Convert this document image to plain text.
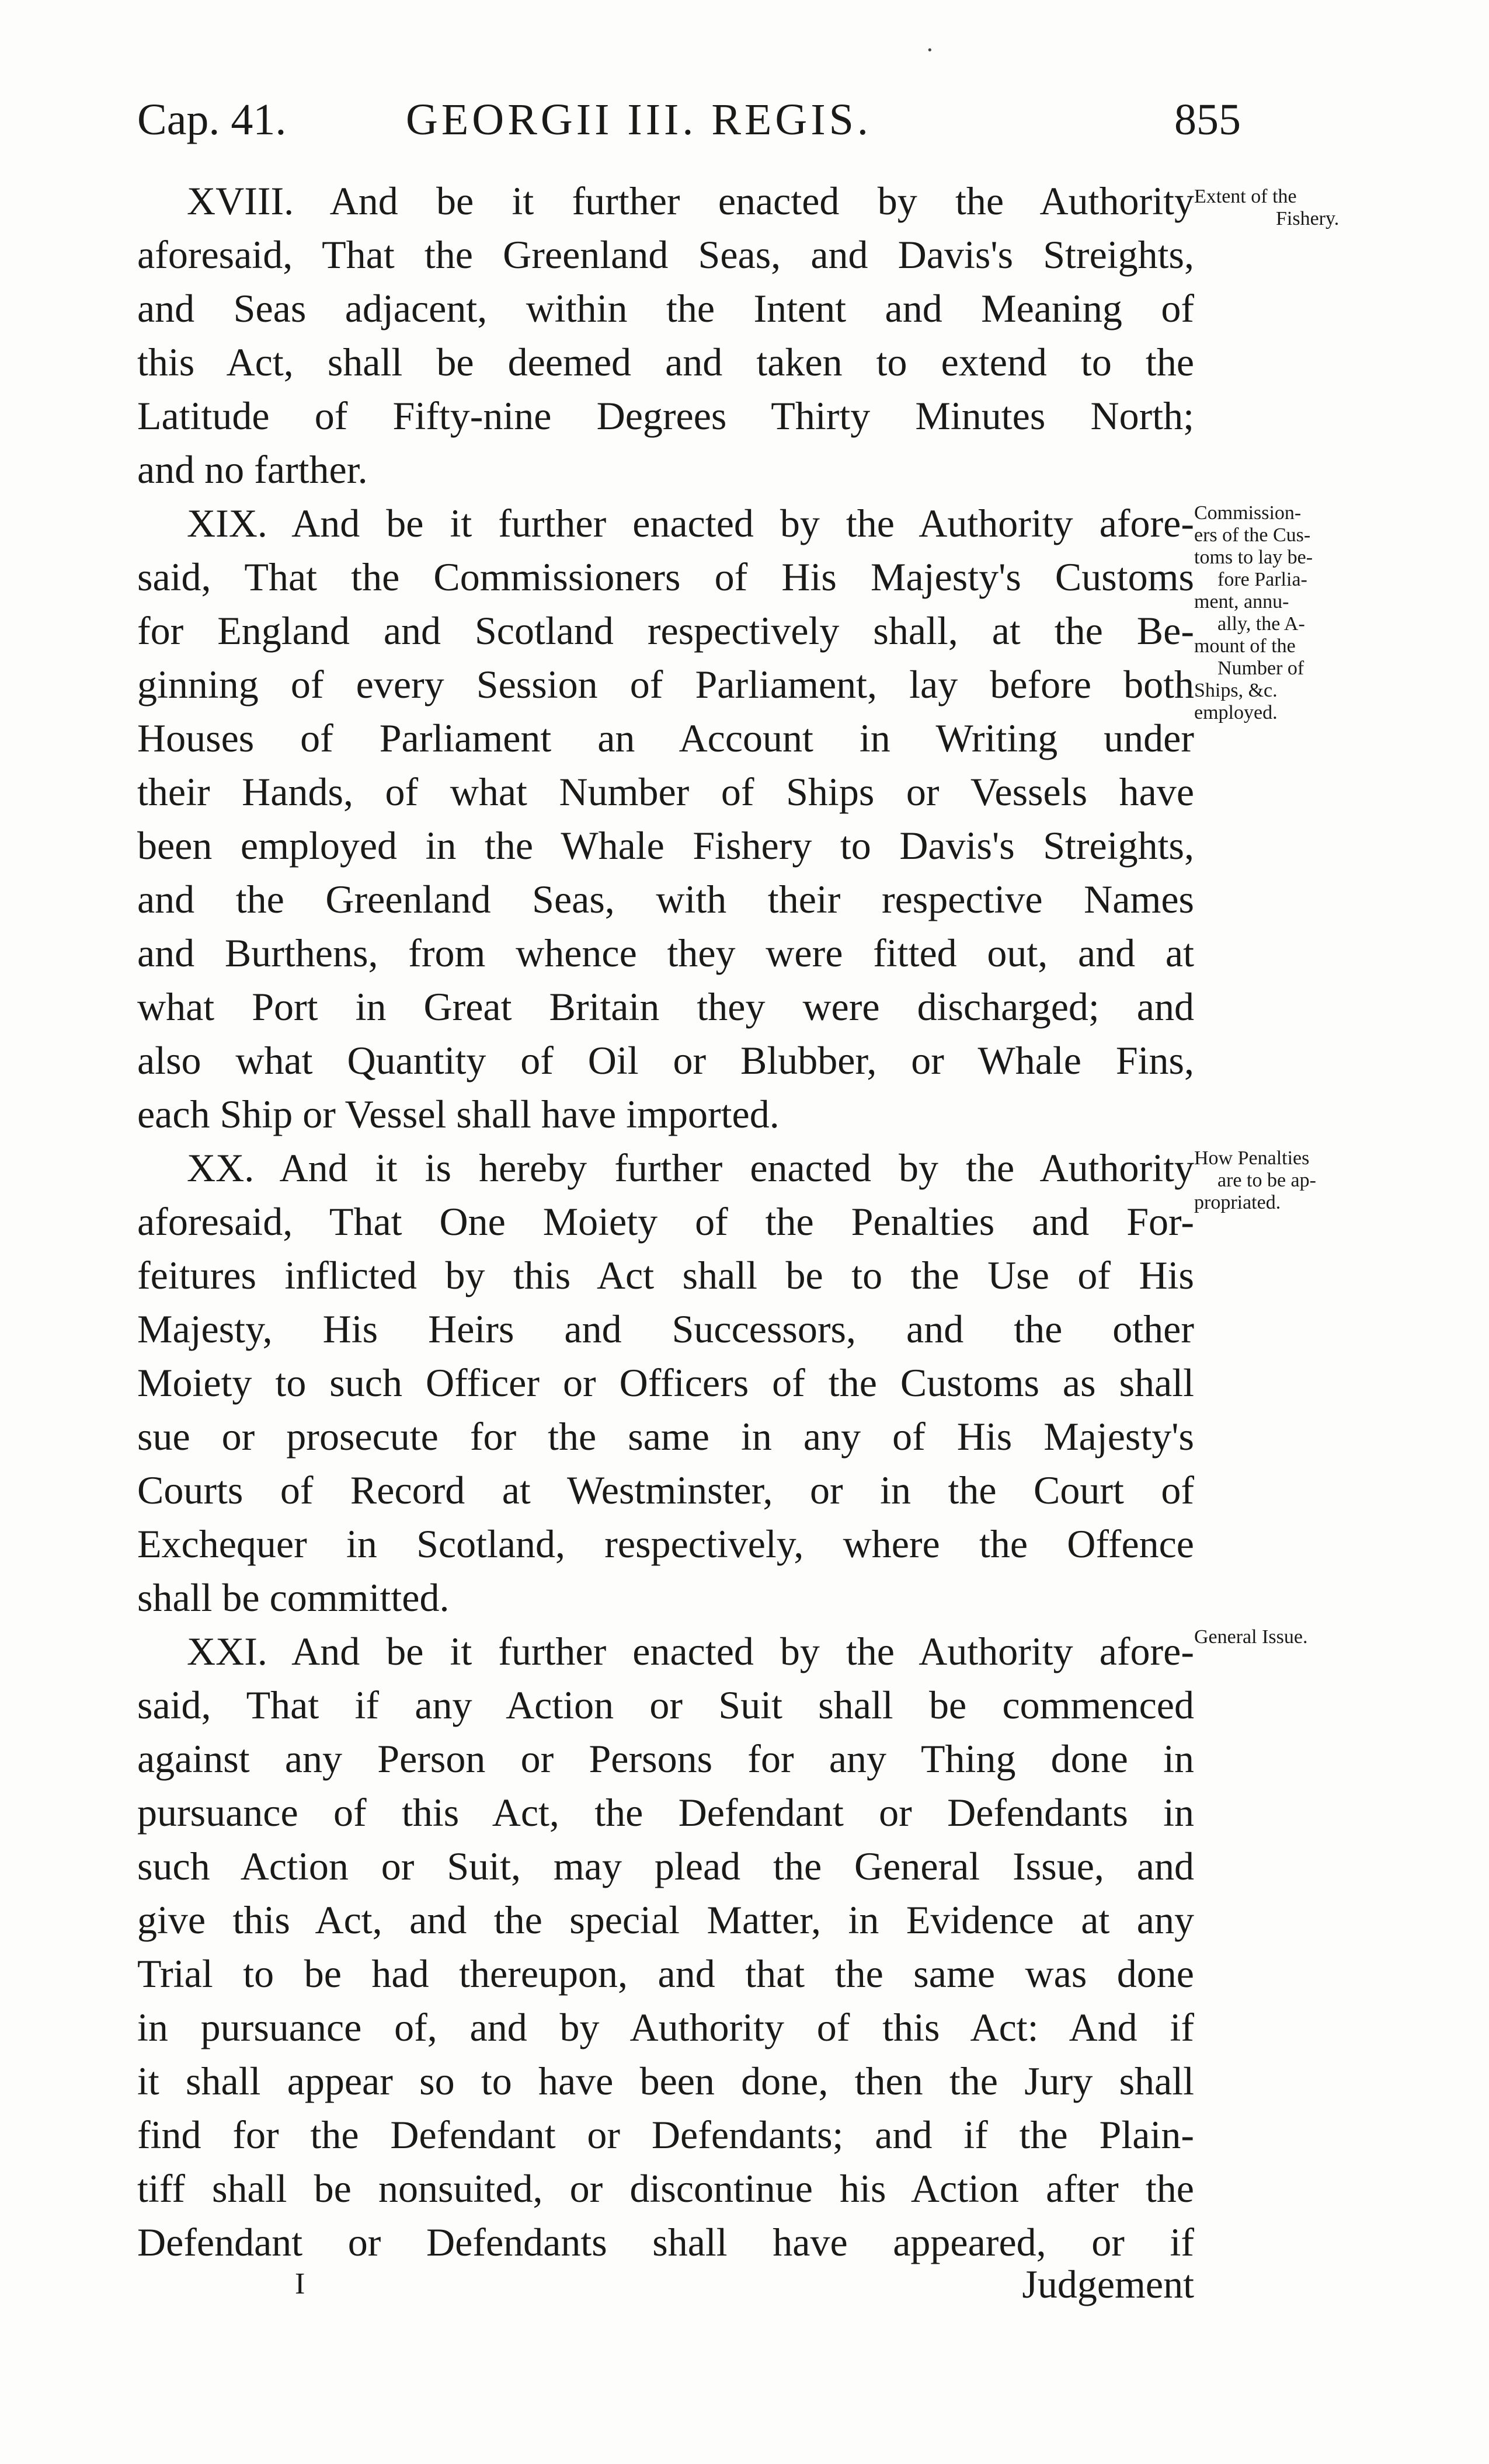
·
Cap. 41.	GEORGII III. REGIS.	855
XVIII. And be it further enacted by the Authority
aforesaid, That the Greenland Seas, and Davis's Streights,
and Seas adjacent, within the Intent and Meaning of
this Act, shall be deemed and taken to extend to the
Latitude of Fifty-nine Degrees Thirty Minutes North;
and no farther.
XIX. And be it further enacted by the Authority afore-
said, That the Commissioners of His Majesty's Customs
for England and Scotland respectively shall, at the Be-
ginning of every Session of Parliament, lay before both
Houses of Parliament an Account in Writing under
their Hands, of what Number of Ships or Vessels have
been employed in the Whale Fishery to Davis's Streights,
and the Greenland Seas, with their respective Names
and Burthens, from whence they were fitted out, and at
what Port in Great Britain they were discharged; and
also what Quantity of Oil or Blubber, or Whale Fins,
each Ship or Vessel shall have imported.
XX. And it is hereby further enacted by the Authority
aforesaid, That One Moiety of the Penalties and For-
feitures inflicted by this Act shall be to the Use of His
Majesty, His Heirs and Successors, and the other
Moiety to such Officer or Officers of the Customs as shall
sue or prosecute for the same in any of His Majesty's
Courts of Record at Westminster, or in the Court of
Exchequer in Scotland, respectively, where the Offence
shall be committed.
XXI. And be it further enacted by the Authority afore-
said, That if any Action or Suit shall be commenced
against any Person or Persons for any Thing done in
pursuance of this Act, the Defendant or Defendants in
such Action or Suit, may plead the General Issue, and
give this Act, and the special Matter, in Evidence at any
Trial to be had thereupon, and that the same was done
in pursuance of, and by Authority of this Act: And if
it shall appear so to have been done, then the Jury shall
find for the Defendant or Defendants; and if the Plain-
tiff shall be nonsuited, or discontinue his Action after the
Defendant or Defendants shall have appeared, or if
Extent of the
Fishery.
Commission-
ers of the Cus-
toms to lay be-
fore Parlia-
ment, annu-
ally, the A-
mount of the
Number of
Ships, &c.
employed.
How Penalties
are to be ap-
propriated.
General Issue.
I	Judgement
